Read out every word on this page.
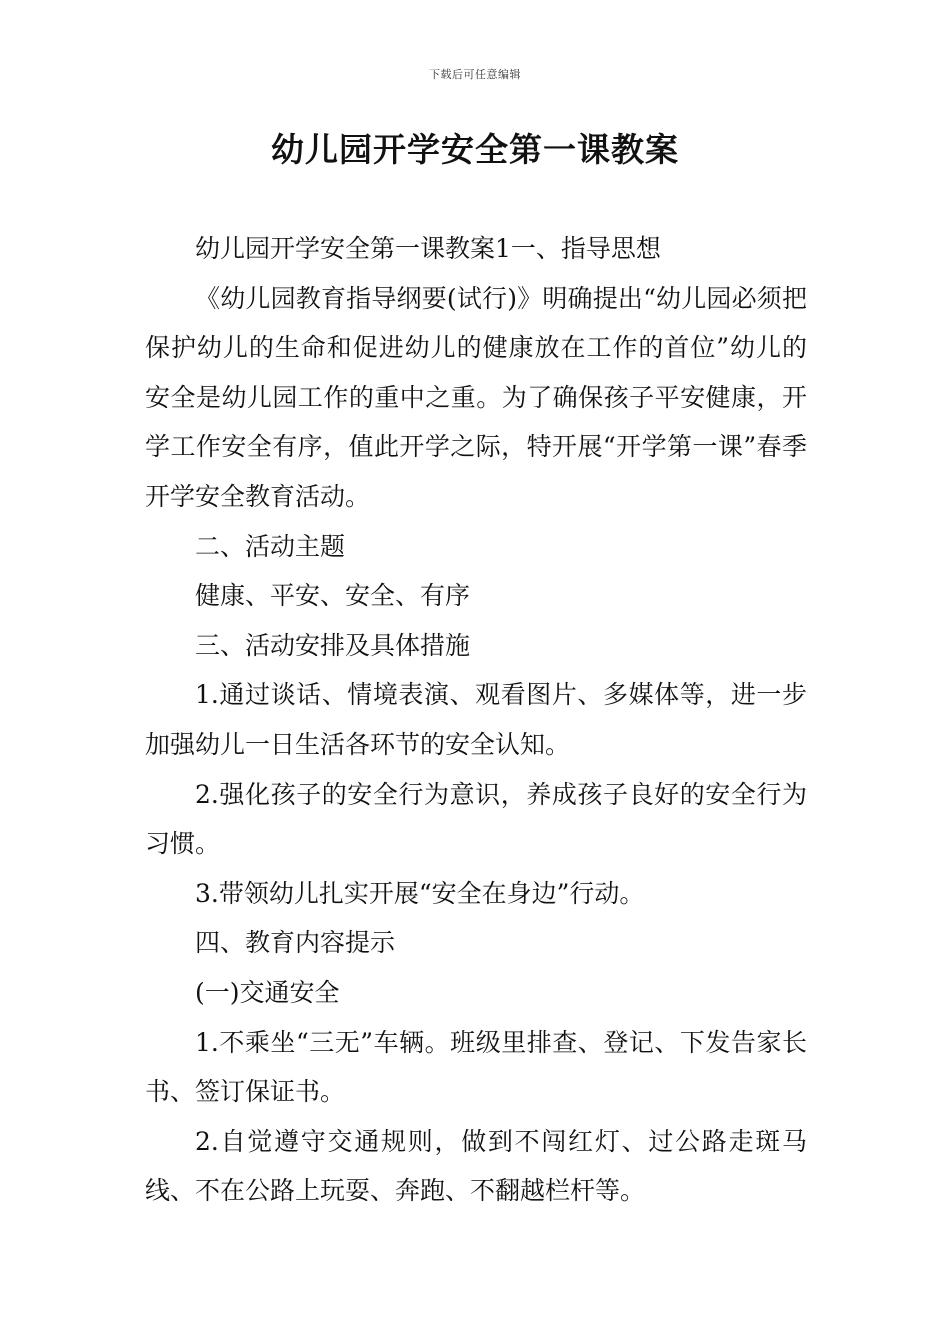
下载后可任意编辑
幼儿园开学安全第一课教案

幼儿园开学安全第一课教案1一、指导思想

《幼儿园教育指导纲要(试行)》明确提出“幼儿园必须把保护幼儿的生命和促进幼儿的健康放在工作的首位”幼儿的安全是幼儿园工作的重中之重。为了确保孩子平安健康，开学工作安全有序，值此开学之际，特开展“开学第一课”春季开学安全教育活动。

二、活动主题

健康、平安、安全、有序

三、活动安排及具体措施

1.通过谈话、情境表演、观看图片、多媒体等，进一步加强幼儿一日生活各环节的安全认知。

2.强化孩子的安全行为意识，养成孩子良好的安全行为习惯。

3.带领幼儿扎实开展“安全在身边”行动。

四、教育内容提示

(一)交通安全

1.不乘坐“三无”车辆。班级里排查、登记、下发告家长书、签订保证书。

2.自觉遵守交通规则，做到不闯红灯、过公路走斑马线、不在公路上玩耍、奔跑、不翻越栏杆等。
